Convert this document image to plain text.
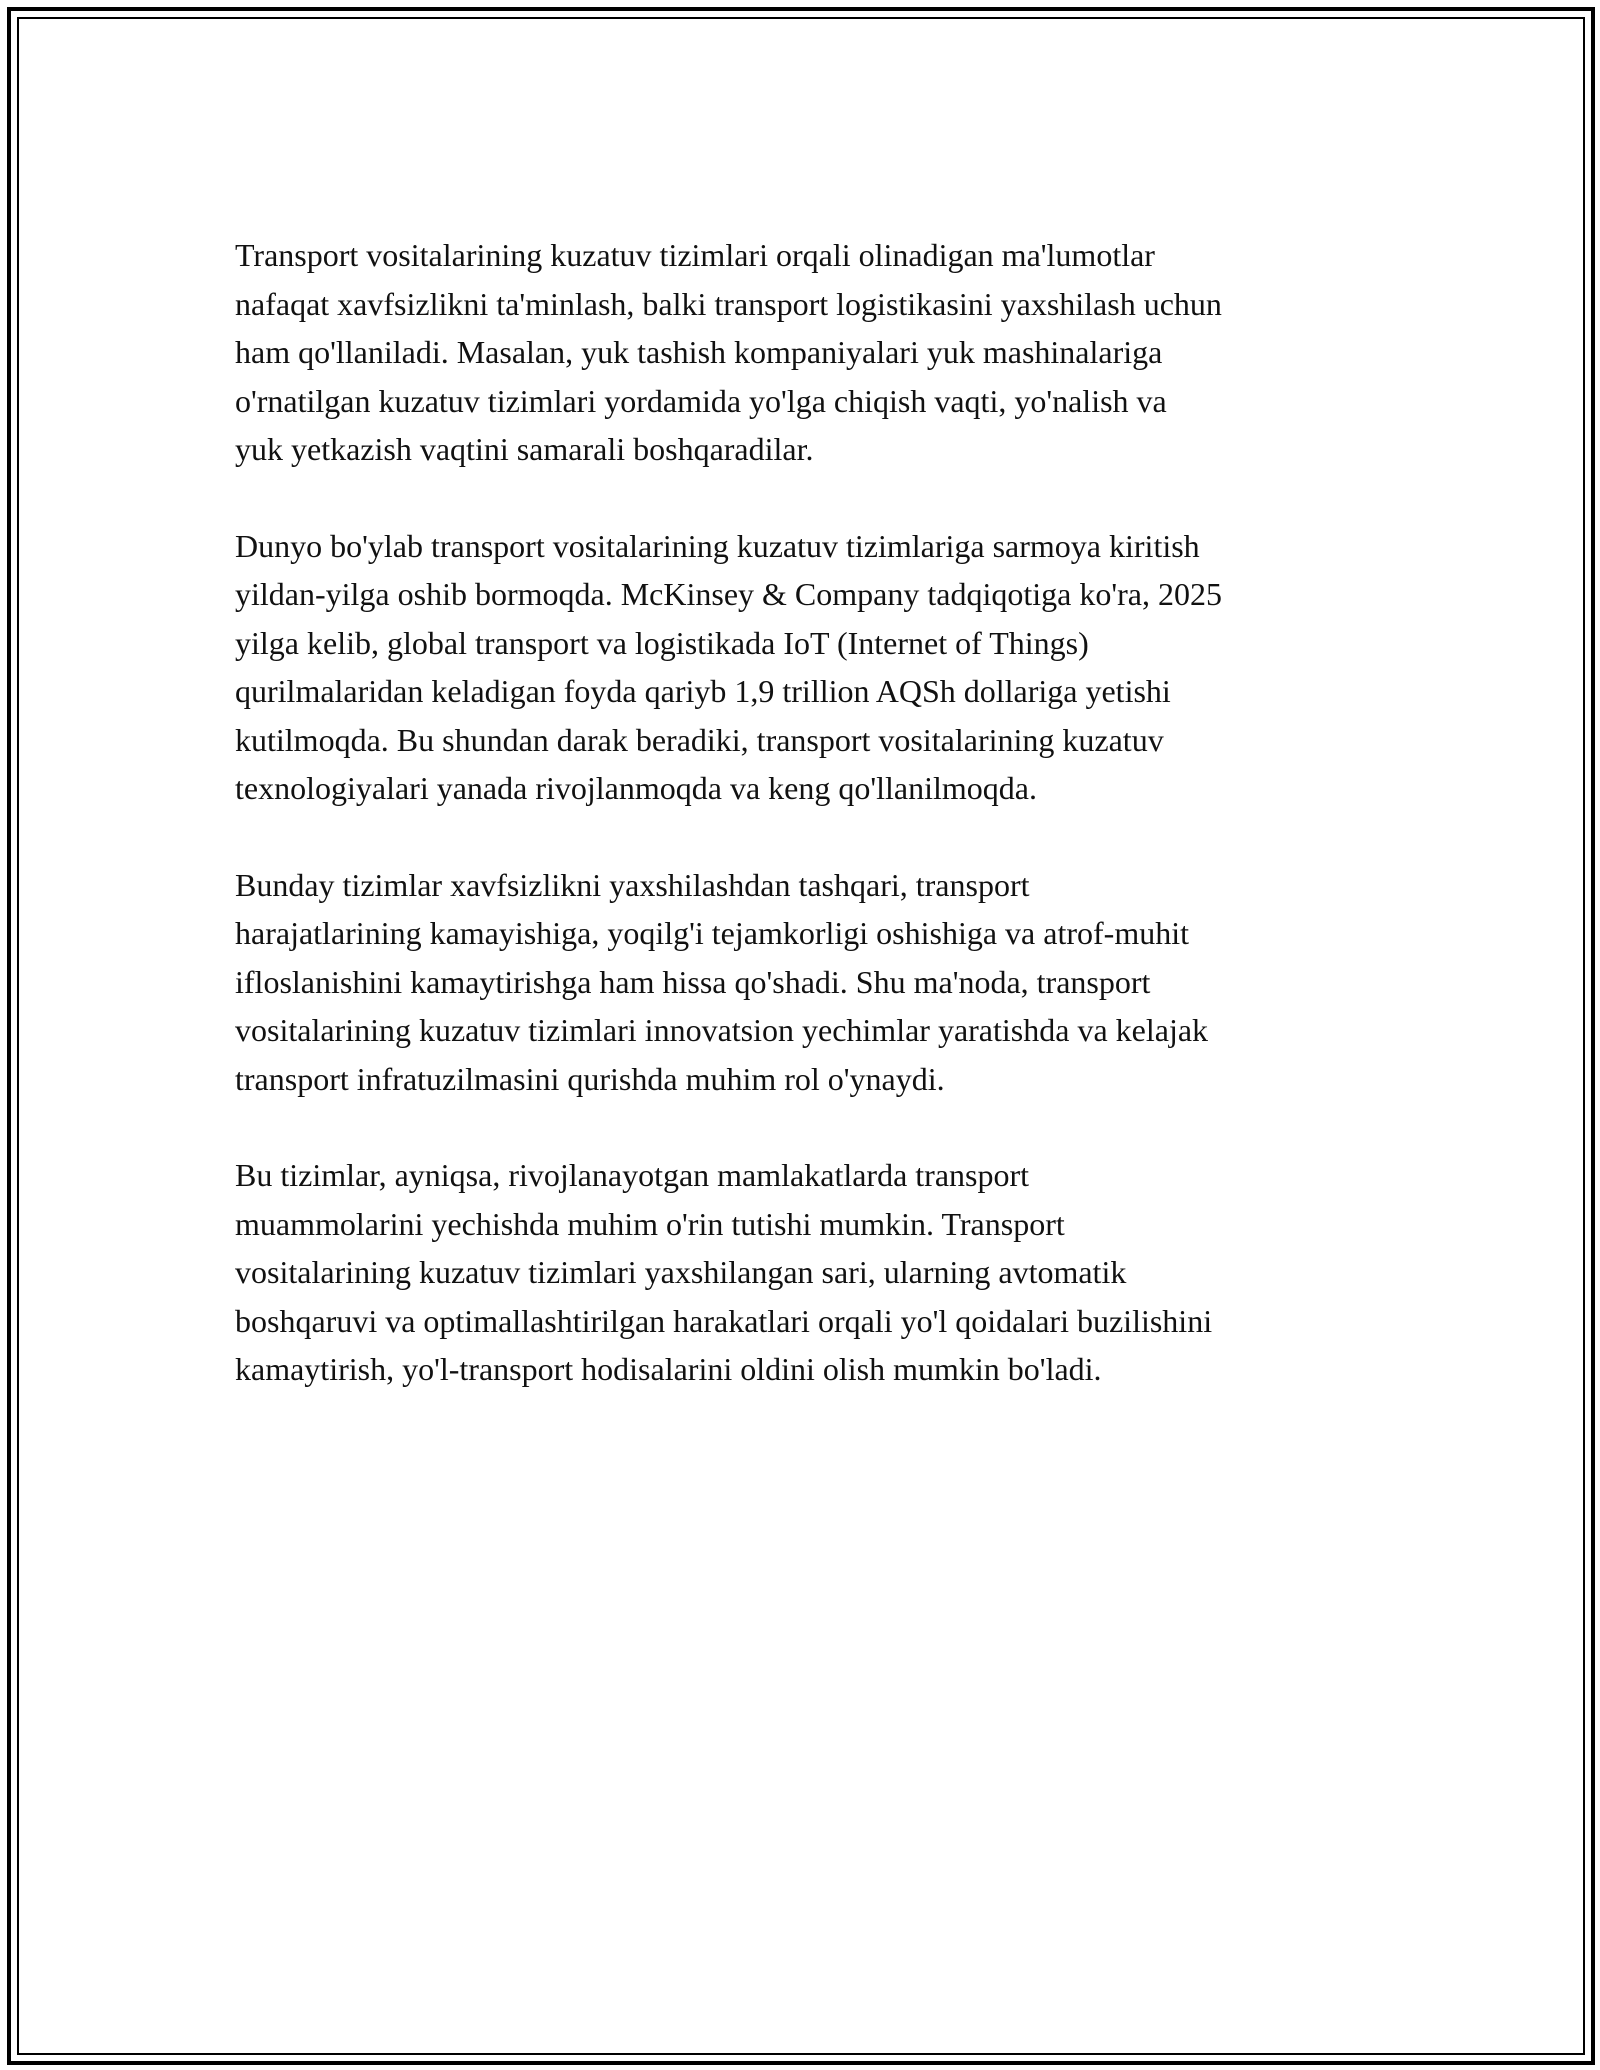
Transport vositalarining kuzatuv tizimlari orqali olinadigan ma'lumotlar
nafaqat xavfsizlikni ta'minlash, balki transport logistikasini yaxshilash uchun
ham qo'llaniladi. Masalan, yuk tashish kompaniyalari yuk mashinalariga
o'rnatilgan kuzatuv tizimlari yordamida yo'lga chiqish vaqti, yo'nalish va
yuk yetkazish vaqtini samarali boshqaradilar.

Dunyo bo'ylab transport vositalarining kuzatuv tizimlariga sarmoya kiritish
yildan-yilga oshib bormoqda. McKinsey & Company tadqiqotiga ko'ra, 2025
yilga kelib, global transport va logistikada IoT (Internet of Things)
qurilmalaridan keladigan foyda qariyb 1,9 trillion AQSh dollariga yetishi
kutilmoqda. Bu shundan darak beradiki, transport vositalarining kuzatuv
texnologiyalari yanada rivojlanmoqda va keng qo'llanilmoqda.

Bunday tizimlar xavfsizlikni yaxshilashdan tashqari, transport
harajatlarining kamayishiga, yoqilg'i tejamkorligi oshishiga va atrof-muhit
ifloslanishini kamaytirishga ham hissa qo'shadi. Shu ma'noda, transport
vositalarining kuzatuv tizimlari innovatsion yechimlar yaratishda va kelajak
transport infratuzilmasini qurishda muhim rol o'ynaydi.

Bu tizimlar, ayniqsa, rivojlanayotgan mamlakatlarda transport
muammolarini yechishda muhim o'rin tutishi mumkin. Transport
vositalarining kuzatuv tizimlari yaxshilangan sari, ularning avtomatik
boshqaruvi va optimallashtirilgan harakatlari orqali yo'l qoidalari buzilishini
kamaytirish, yo'l-transport hodisalarini oldini olish mumkin bo'ladi.
